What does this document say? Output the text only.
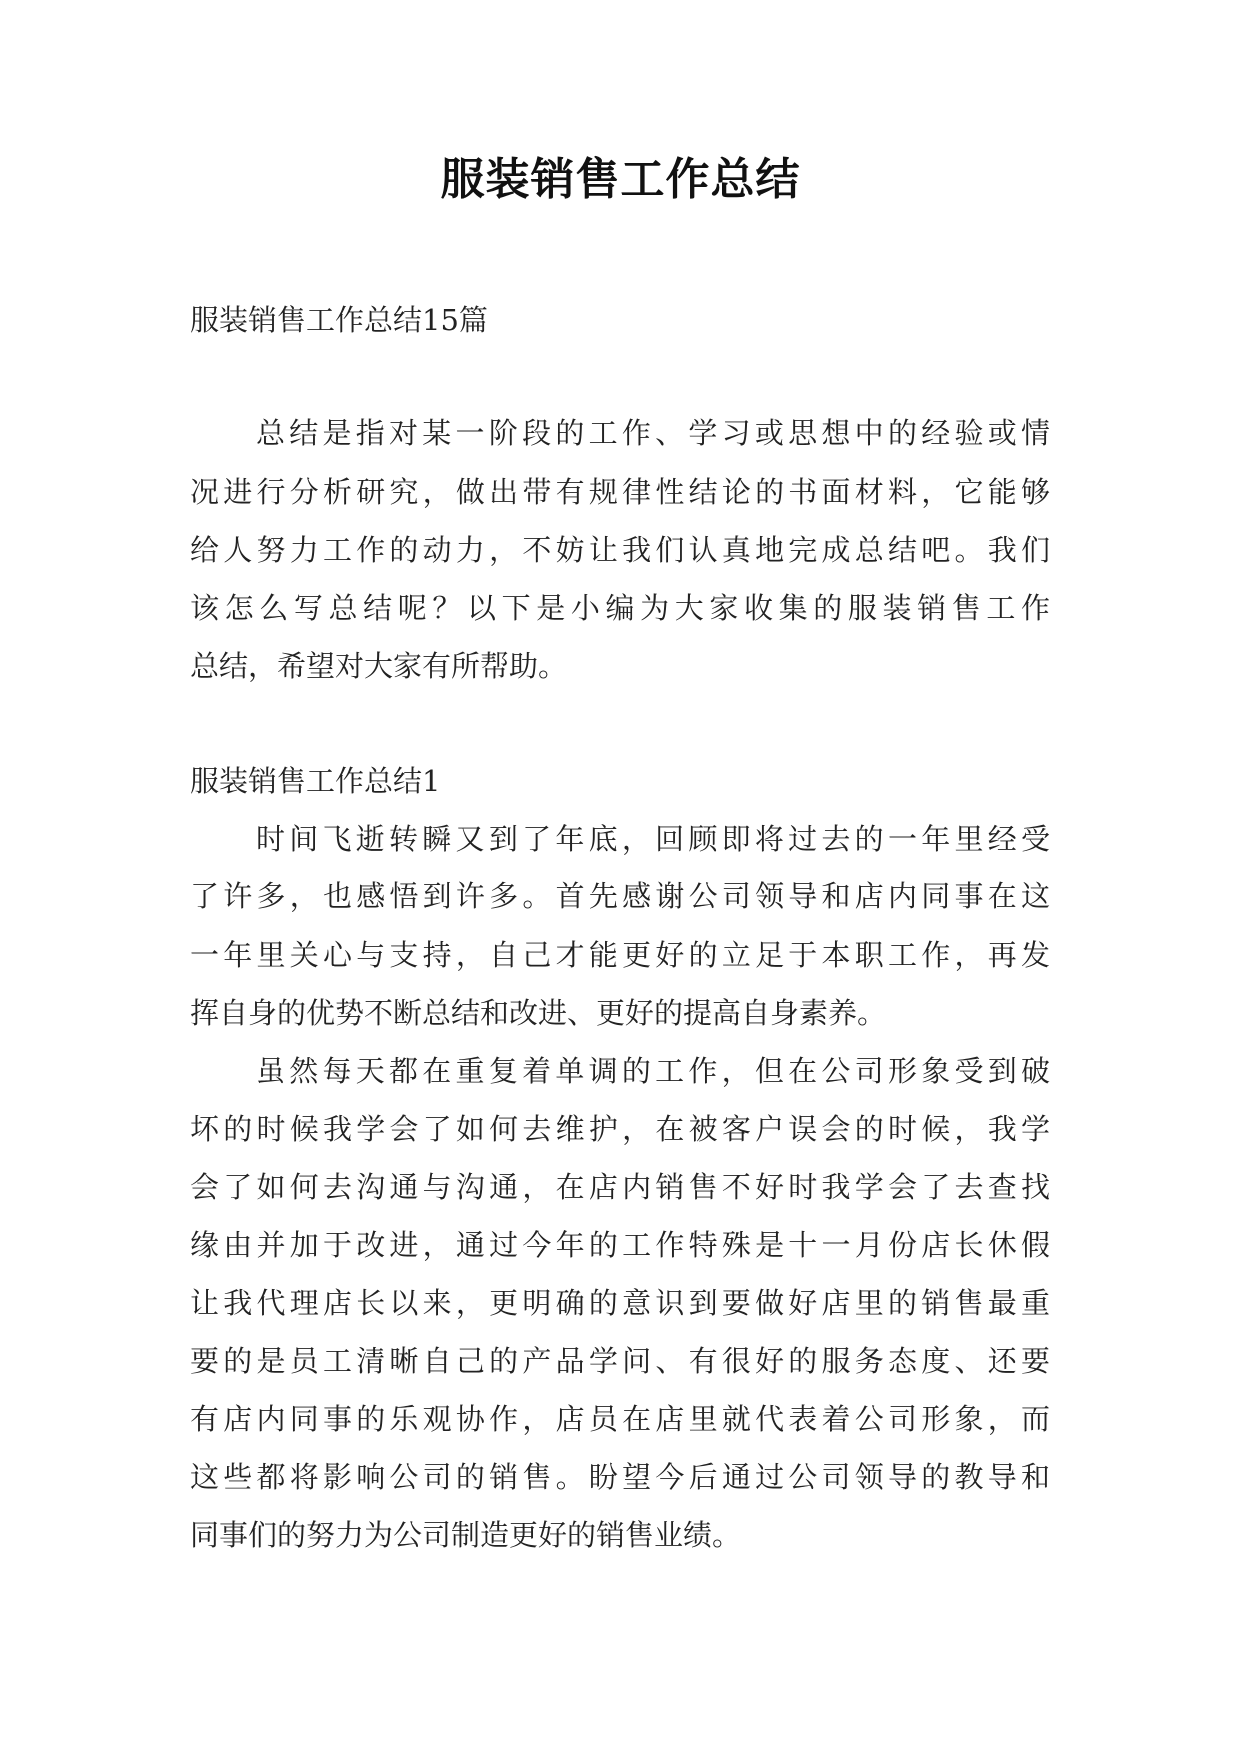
服装销售工作总结
服装销售工作总结15篇
总结是指对某一阶段的工作、学习或思想中的经验或情
况进行分析研究，做出带有规律性结论的书面材料，它能够
给人努力工作的动力，不妨让我们认真地完成总结吧。我们
该怎么写总结呢？以下是小编为大家收集的服装销售工作
总结，希望对大家有所帮助。
服装销售工作总结1
时间飞逝转瞬又到了年底，回顾即将过去的一年里经受
了许多，也感悟到许多。首先感谢公司领导和店内同事在这
一年里关心与支持，自己才能更好的立足于本职工作，再发
挥自身的优势不断总结和改进、更好的提高自身素养。
虽然每天都在重复着单调的工作，但在公司形象受到破
坏的时候我学会了如何去维护，在被客户误会的时候，我学
会了如何去沟通与沟通，在店内销售不好时我学会了去查找
缘由并加于改进，通过今年的工作特殊是十一月份店长休假
让我代理店长以来，更明确的意识到要做好店里的销售最重
要的是员工清晰自己的产品学问、有很好的服务态度、还要
有店内同事的乐观协作，店员在店里就代表着公司形象，而
这些都将影响公司的销售。盼望今后通过公司领导的教导和
同事们的努力为公司制造更好的销售业绩。
